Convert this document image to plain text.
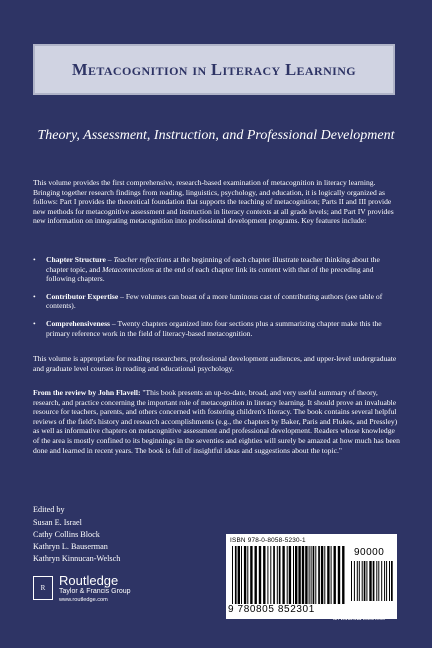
Metacognition in Literacy Learning
Theory, Assessment, Instruction, and Professional Development
This volume provides the first comprehensive, research-based examination of metacognition in literacy learning. Bringing together research findings from reading, linguistics, psychology, and education, it is logically organized as follows: Part I provides the theoretical foundation that supports the teaching of metacognition; Parts II and III provide new methods for metacognitive assessment and instruction in literacy contexts at all grade levels; and Part IV provides new information on integrating metacognition into professional development programs. Key features include:
• Chapter Structure – Teacher reflections at the beginning of each chapter illustrate teacher thinking about the chapter topic, and Metaconnections at the end of each chapter link its content with that of the preceding and following chapters.
• Contributor Expertise – Few volumes can boast of a more luminous cast of contributing authors (see table of contents).
• Comprehensiveness – Twenty chapters organized into four sections plus a summarizing chapter make this the primary reference work in the field of literacy-based metacognition.
This volume is appropriate for reading researchers, professional development audiences, and upper-level undergraduate and graduate level courses in reading and educational psychology.
From the review by John Flavell: "This book presents an up-to-date, broad, and very useful summary of theory, research, and practice concerning the important role of metacognition in literacy learning. It should prove an invaluable resource for teachers, parents, and others concerned with fostering children's literacy. The book contains several helpful reviews of the field's history and research accomplishments (e.g., the chapters by Baker, Paris and Flukes, and Pressley) as well as informative chapters on metacognitive assessment and professional development. Readers whose knowledge of the area is mostly confined to its beginnings in the seventies and eighties will surely be amazed at how much has been done and learned in recent years. The book is full of insightful ideas and suggestions about the topic."
Edited by
Susan E. Israel
Cathy Collins Block
Kathryn L. Bauserman
Kathryn Kinnucan-Welsch
R	Routledge
Taylor & Francis Group
www.routledge.com
ISBN 978-0-8058-5230-1
90000
9 780805 852301
an informa business
